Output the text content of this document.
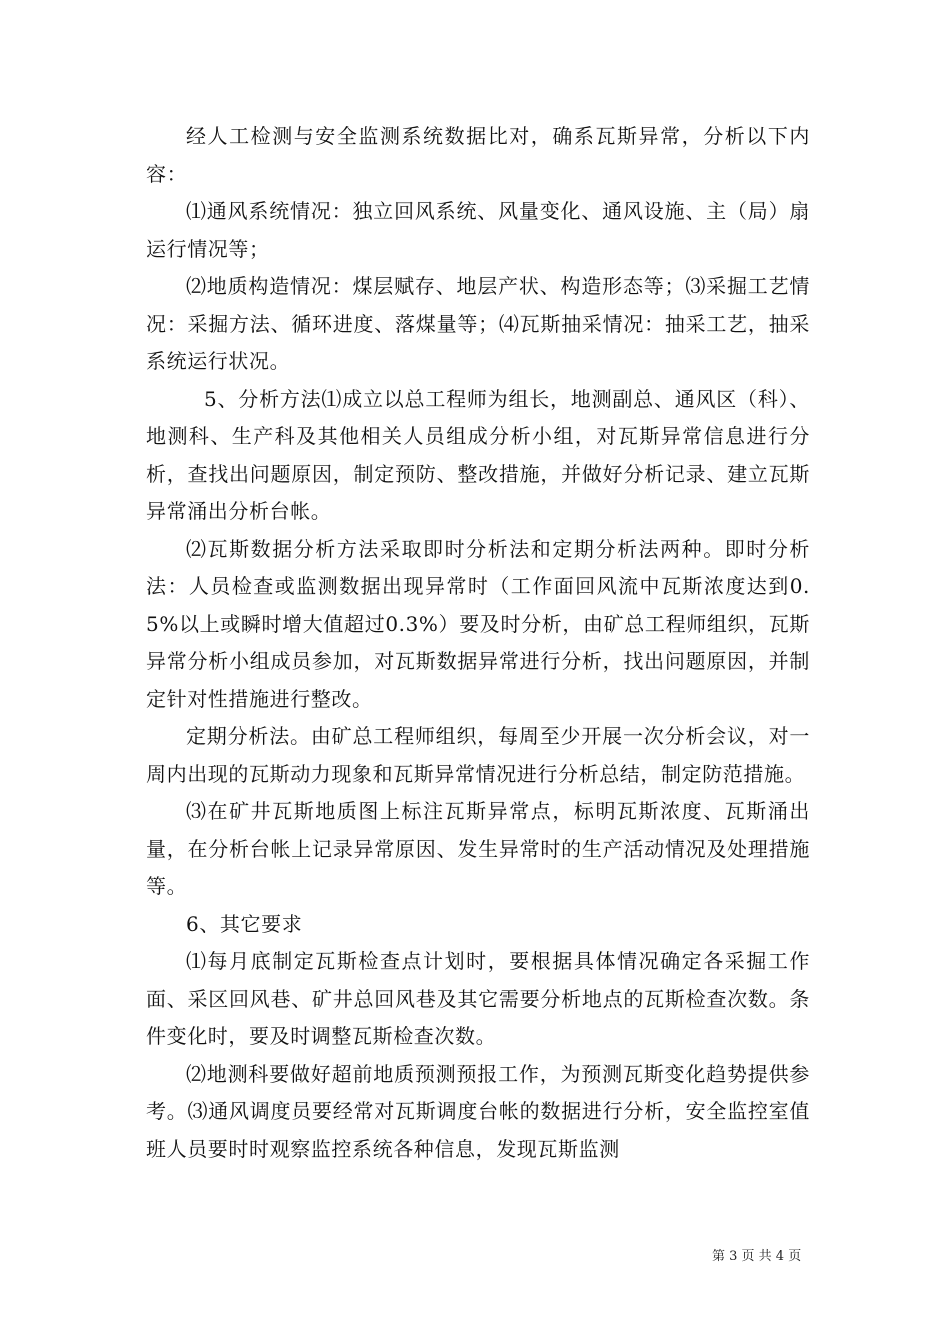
经人工检测与安全监测系统数据比对，确系瓦斯异常，分析以下内容：

⑴通风系统情况：独立回风系统、风量变化、通风设施、主（局）扇运行情况等；

⑵地质构造情况：煤层赋存、地层产状、构造形态等；⑶采掘工艺情况：采掘方法、循环进度、落煤量等；⑷瓦斯抽采情况：抽采工艺，抽采系统运行状况。

5、分析方法⑴成立以总工程师为组长，地测副总、通风区（科）、地测科、生产科及其他相关人员组成分析小组，对瓦斯异常信息进行分析，查找出问题原因，制定预防、整改措施，并做好分析记录、建立瓦斯异常涌出分析台帐。

⑵瓦斯数据分析方法采取即时分析法和定期分析法两种。即时分析法：人员检查或监测数据出现异常时（工作面回风流中瓦斯浓度达到0.5%以上或瞬时增大值超过0.3%）要及时分析，由矿总工程师组织，瓦斯异常分析小组成员参加，对瓦斯数据异常进行分析，找出问题原因，并制定针对性措施进行整改。

定期分析法。由矿总工程师组织，每周至少开展一次分析会议，对一周内出现的瓦斯动力现象和瓦斯异常情况进行分析总结，制定防范措施。

⑶在矿井瓦斯地质图上标注瓦斯异常点，标明瓦斯浓度、瓦斯涌出量，在分析台帐上记录异常原因、发生异常时的生产活动情况及处理措施等。

6、其它要求

⑴每月底制定瓦斯检查点计划时，要根据具体情况确定各采掘工作面、采区回风巷、矿井总回风巷及其它需要分析地点的瓦斯检查次数。条件变化时，要及时调整瓦斯检查次数。

⑵地测科要做好超前地质预测预报工作，为预测瓦斯变化趋势提供参考。⑶通风调度员要经常对瓦斯调度台帐的数据进行分析，安全监控室值班人员要时时观察监控系统各种信息，发现瓦斯监测

第 3 页 共 4 页
